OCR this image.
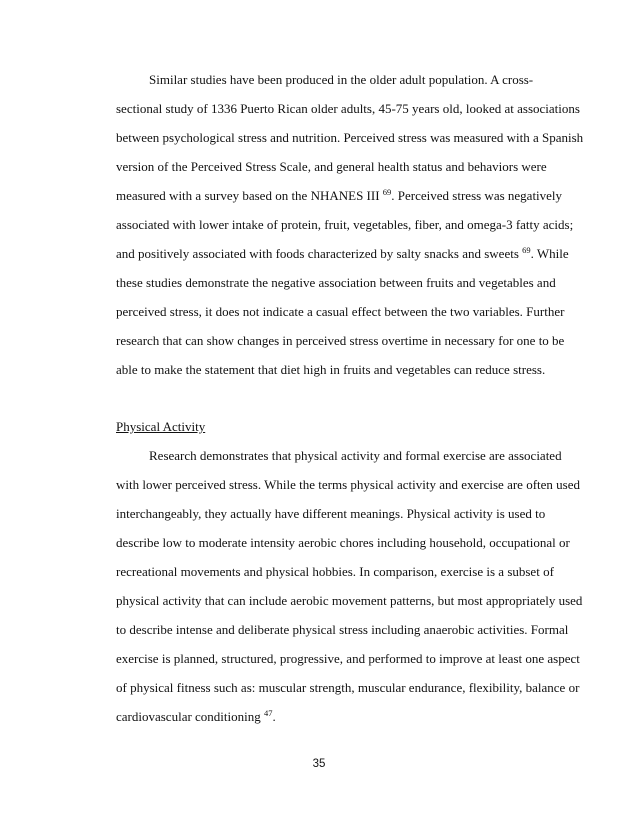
Similar studies have been produced in the older adult population. A cross-
sectional study of 1336 Puerto Rican older adults, 45-75 years old, looked at associations
between psychological stress and nutrition. Perceived stress was measured with a Spanish
version of the Perceived Stress Scale, and general health status and behaviors were
measured with a survey based on the NHANES III $^{69}$. Perceived stress was negatively
associated with lower intake of protein, fruit, vegetables, fiber, and omega-3 fatty acids;
and positively associated with foods characterized by salty snacks and sweets $^{69}$. While
these studies demonstrate the negative association between fruits and vegetables and
perceived stress, it does not indicate a casual effect between the two variables. Further
research that can show changes in perceived stress overtime in necessary for one to be
able to make the statement that diet high in fruits and vegetables can reduce stress.
Physical Activity
Research demonstrates that physical activity and formal exercise are associated
with lower perceived stress. While the terms physical activity and exercise are often used
interchangeably, they actually have different meanings. Physical activity is used to
describe low to moderate intensity aerobic chores including household, occupational or
recreational movements and physical hobbies. In comparison, exercise is a subset of
physical activity that can include aerobic movement patterns, but most appropriately used
to describe intense and deliberate physical stress including anaerobic activities. Formal
exercise is planned, structured, progressive, and performed to improve at least one aspect
of physical fitness such as: muscular strength, muscular endurance, flexibility, balance or
cardiovascular conditioning $^{47}$.
35
